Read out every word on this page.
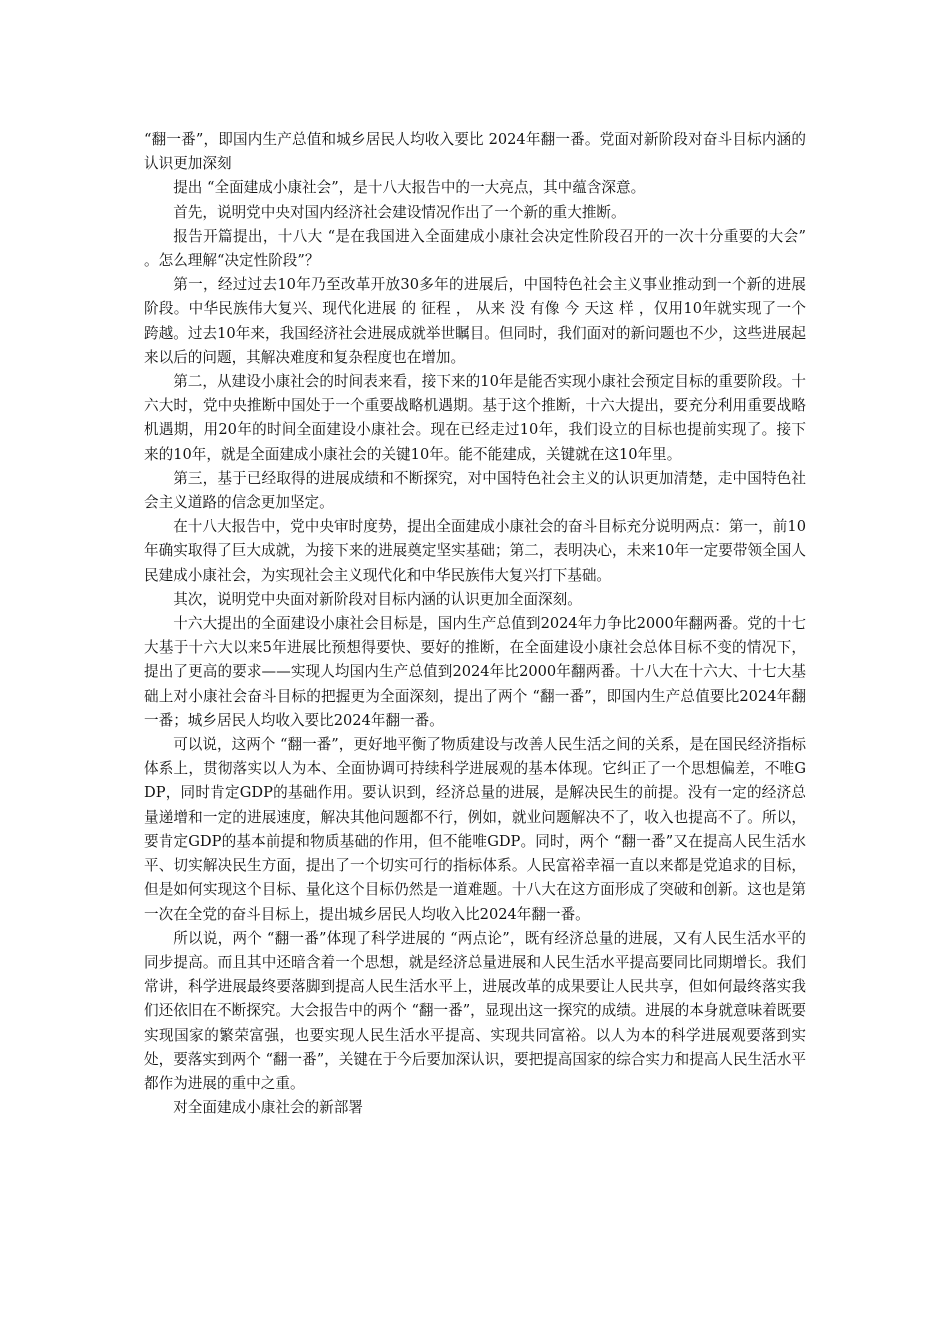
“翻一番”，即国内生产总值和城乡居民人均收入要比 2024年翻一番。党面对新阶段对奋斗目标内涵的认识更加深刻

提出 “全面建成小康社会”，是十八大报告中的一大亮点，其中蕴含深意。

首先，说明党中央对国内经济社会建设情况作出了一个新的重大推断。

报告开篇提出，十八大 “是在我国进入全面建成小康社会决定性阶段召开的一次十分重要的大会” 。怎么理解“决定性阶段”？

第一，经过过去10年乃至改革开放30多年的进展后，中国特色社会主义事业推动到一个新的进展阶段。中华民族伟大复兴、现代化进展 的 征程 ， 从来 没 有像 今 天这 样 ，仅用10年就实现了一个跨越。过去10年来，我国经济社会进展成就举世瞩目。但同时，我们面对的新问题也不少，这些进展起来以后的问题，其解决难度和复杂程度也在增加。

第二，从建设小康社会的时间表来看，接下来的10年是能否实现小康社会预定目标的重要阶段。十六大时，党中央推断中国处于一个重要战略机遇期。基于这个推断，十六大提出，要充分利用重要战略机遇期，用20年的时间全面建设小康社会。现在已经走过10年，我们设立的目标也提前实现了。接下来的10年，就是全面建成小康社会的关键10年。能不能建成，关键就在这10年里。

第三，基于已经取得的进展成绩和不断探究，对中国特色社会主义的认识更加清楚，走中国特色社会主义道路的信念更加坚定。

在十八大报告中，党中央审时度势，提出全面建成小康社会的奋斗目标充分说明两点：第一，前10年确实取得了巨大成就，为接下来的进展奠定坚实基础；第二，表明决心，未来10年一定要带领全国人民建成小康社会，为实现社会主义现代化和中华民族伟大复兴打下基础。

其次，说明党中央面对新阶段对目标内涵的认识更加全面深刻。

十六大提出的全面建设小康社会目标是，国内生产总值到2024年力争比2000年翻两番。党的十七大基于十六大以来5年进展比预想得要快、要好的推断，在全面建设小康社会总体目标不变的情况下，提出了更高的要求——实现人均国内生产总值到2024年比2000年翻两番。十八大在十六大、十七大基础上对小康社会奋斗目标的把握更为全面深刻，提出了两个 “翻一番”，即国内生产总值要比2024年翻一番；城乡居民人均收入要比2024年翻一番。

可以说，这两个 “翻一番”，更好地平衡了物质建设与改善人民生活之间的关系，是在国民经济指标体系上，贯彻落实以人为本、全面协调可持续科学进展观的基本体现。它纠正了一个思想偏差，不唯GDP，同时肯定GDP的基础作用。要认识到，经济总量的进展，是解决民生的前提。没有一定的经济总量递增和一定的进展速度，解决其他问题都不行，例如，就业问题解决不了，收入也提高不了。所以，要肯定GDP的基本前提和物质基础的作用，但不能唯GDP。同时，两个 “翻一番”又在提高人民生活水平、切实解决民生方面，提出了一个切实可行的指标体系。人民富裕幸福一直以来都是党追求的目标，但是如何实现这个目标、量化这个目标仍然是一道难题。十八大在这方面形成了突破和创新。这也是第一次在全党的奋斗目标上，提出城乡居民人均收入比2024年翻一番。

所以说，两个 “翻一番”体现了科学进展的 “两点论”，既有经济总量的进展，又有人民生活水平的同步提高。而且其中还暗含着一个思想，就是经济总量进展和人民生活水平提高要同比同期增长。我们常讲，科学进展最终要落脚到提高人民生活水平上，进展改革的成果要让人民共享，但如何最终落实我们还依旧在不断探究。大会报告中的两个 “翻一番”，显现出这一探究的成绩。进展的本身就意味着既要实现国家的繁荣富强，也要实现人民生活水平提高、实现共同富裕。以人为本的科学进展观要落到实处，要落实到两个 “翻一番”，关键在于今后要加深认识，要把提高国家的综合实力和提高人民生活水平都作为进展的重中之重。

对全面建成小康社会的新部署
